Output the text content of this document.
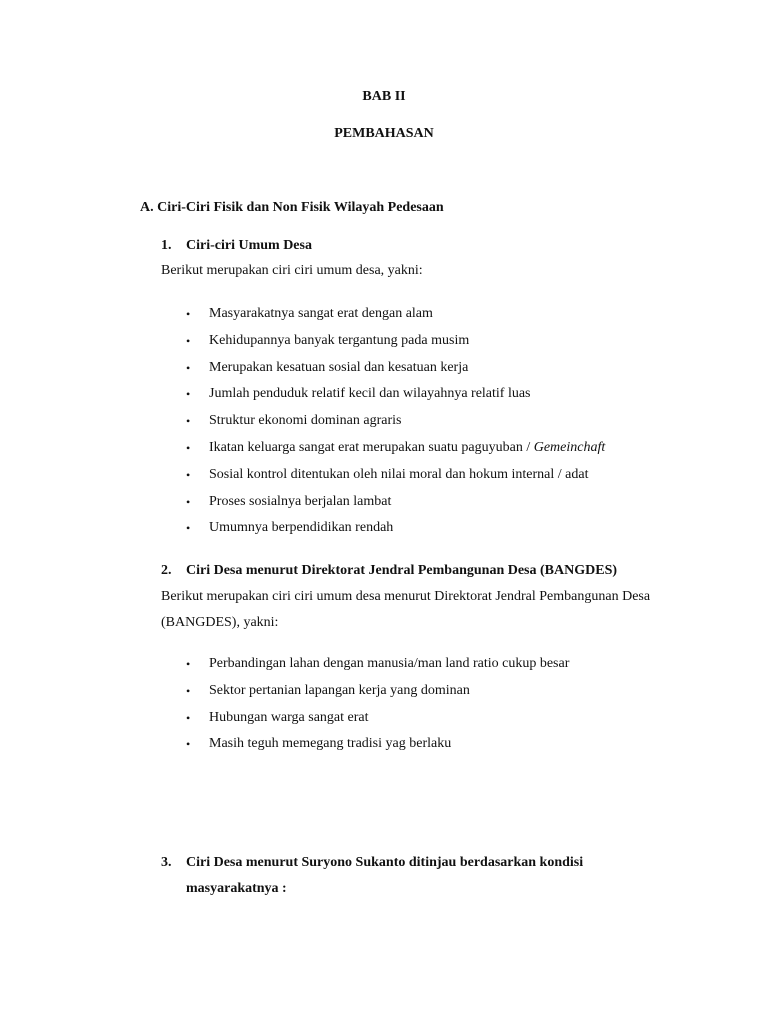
BAB II
PEMBAHASAN
A. Ciri-Ciri Fisik dan Non Fisik Wilayah Pedesaan
1. Ciri-ciri Umum Desa
Berikut merupakan ciri ciri umum desa, yakni:
• Masyarakatnya sangat erat dengan alam
• Kehidupannya banyak tergantung pada musim
• Merupakan kesatuan sosial dan kesatuan kerja
• Jumlah penduduk relatif kecil dan wilayahnya relatif luas
• Struktur ekonomi dominan agraris
• Ikatan keluarga sangat erat merupakan suatu paguyuban / Gemeinchaft
• Sosial kontrol ditentukan oleh nilai moral dan hokum internal / adat
• Proses sosialnya berjalan lambat
• Umumnya berpendidikan rendah
2. Ciri Desa menurut Direktorat Jendral Pembangunan Desa (BANGDES)
Berikut merupakan ciri ciri umum desa menurut Direktorat Jendral Pembangunan Desa (BANGDES), yakni:
• Perbandingan lahan dengan manusia/man land ratio cukup besar
• Sektor pertanian lapangan kerja yang dominan
• Hubungan warga sangat erat
• Masih teguh memegang tradisi yag berlaku
3. Ciri Desa menurut Suryono Sukanto ditinjau berdasarkan kondisi masyarakatnya :
